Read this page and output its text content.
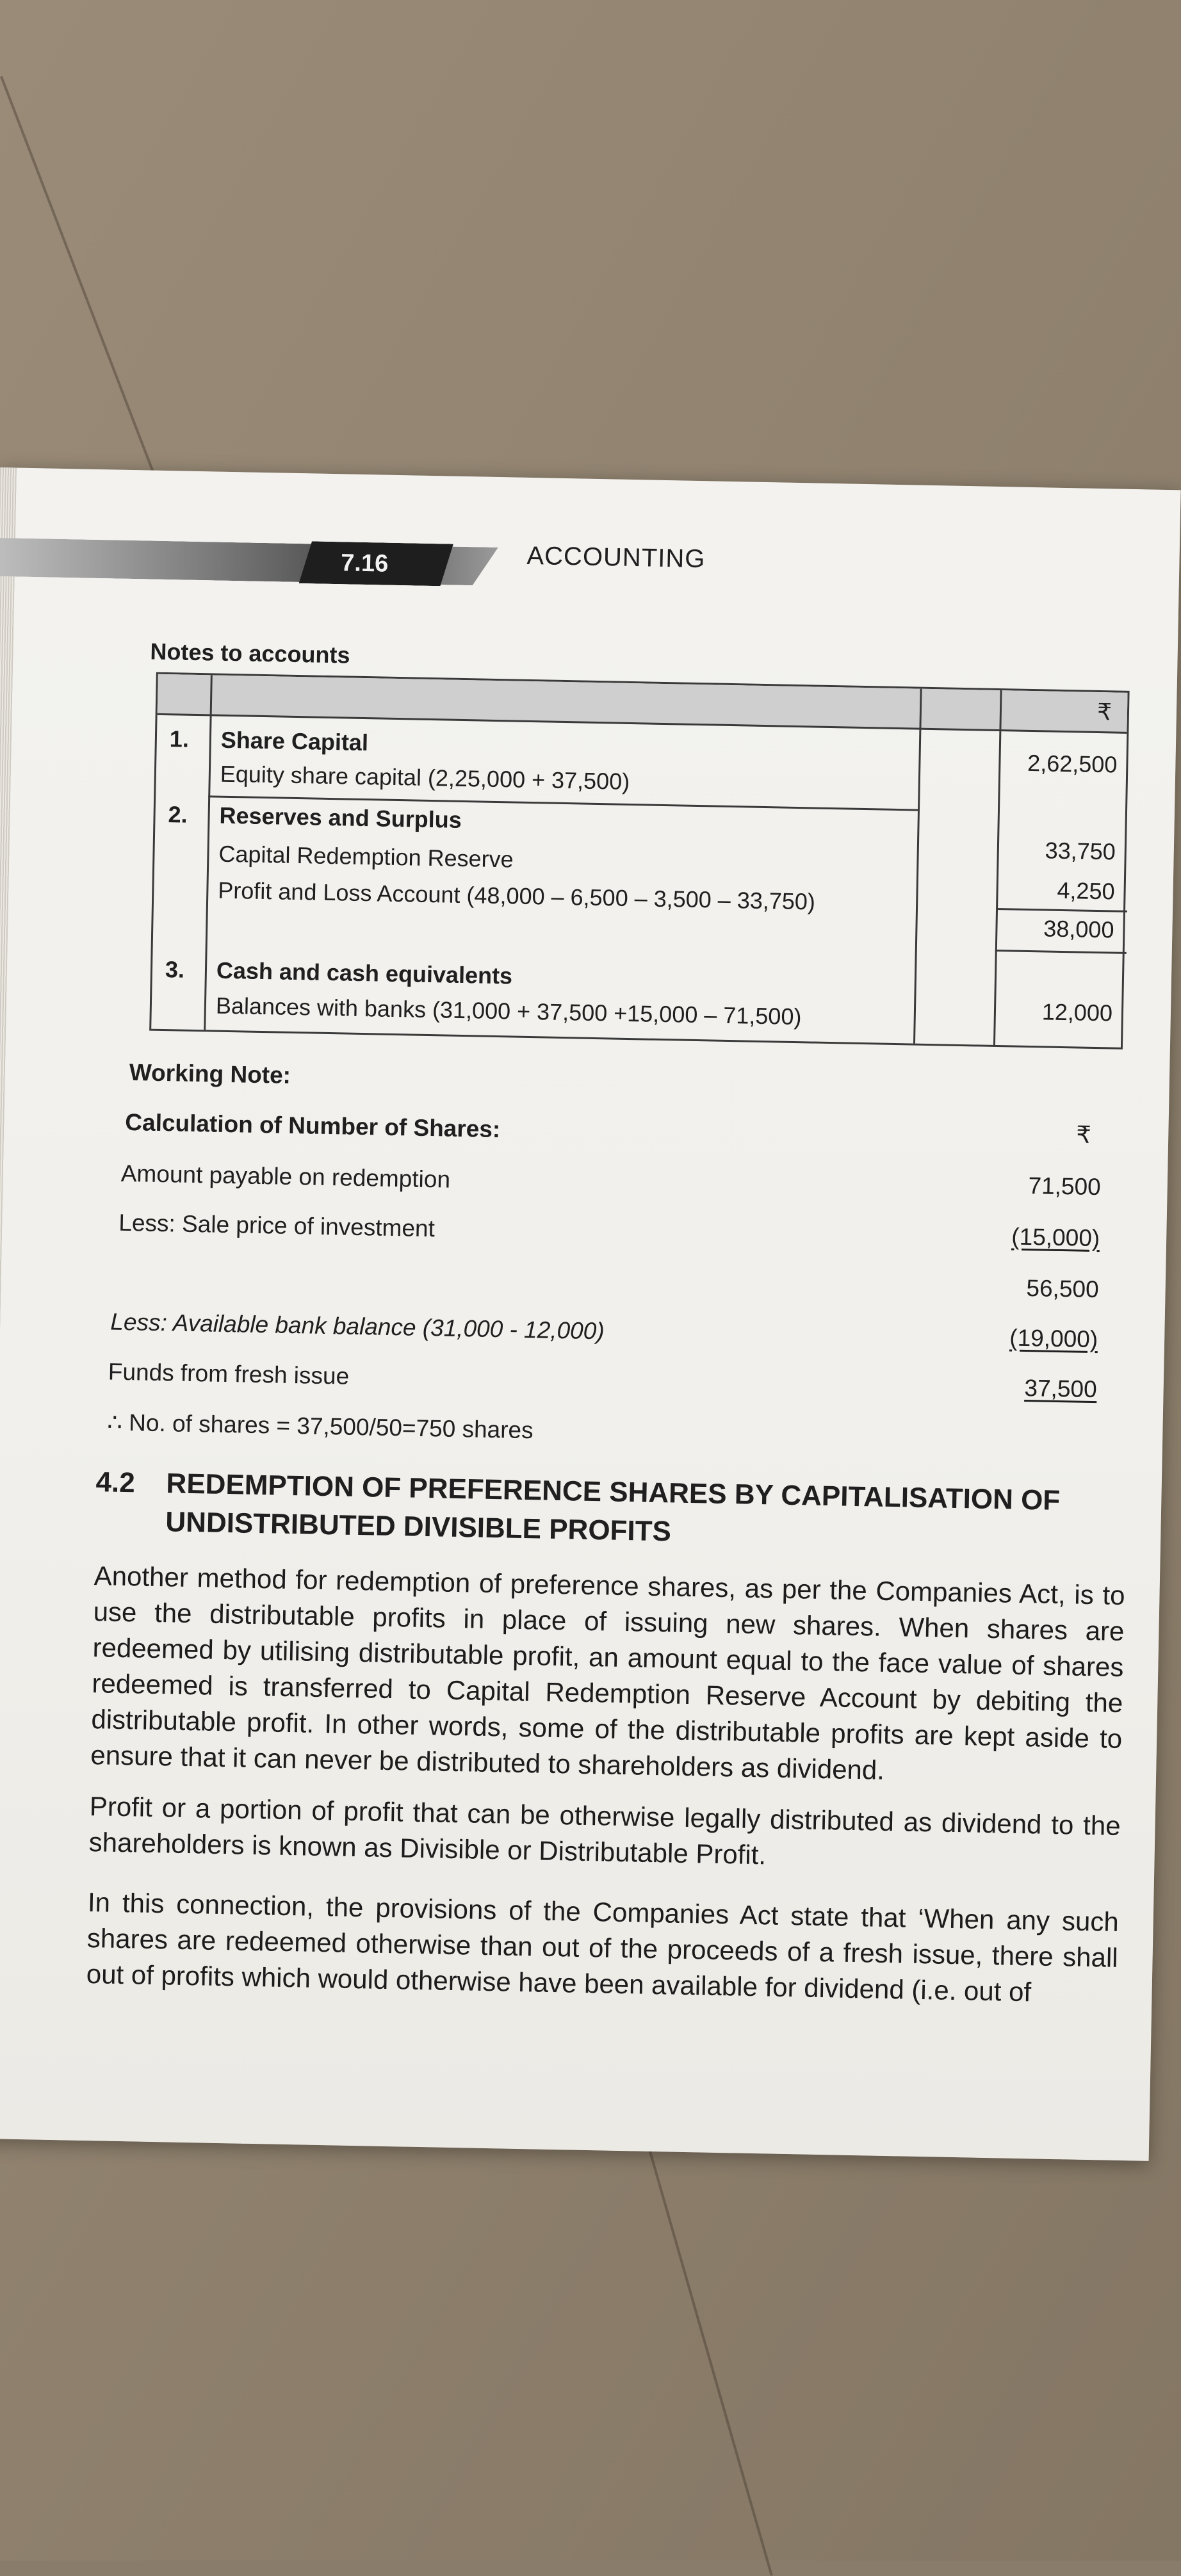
7.16	ACCOUNTING
Notes to accounts
₹
1. Share Capital
Equity share capital (2,25,000 + 37,500)	2,62,500
2. Reserves and Surplus
Capital Redemption Reserve	33,750
Profit and Loss Account (48,000 – 6,500 – 3,500 – 33,750)	4,250
38,000
3. Cash and cash equivalents
Balances with banks (31,000 + 37,500 +15,000 – 71,500)	12,000
Working Note:
Calculation of Number of Shares:	₹
Amount payable on redemption	71,500
Less: Sale price of investment	(15,000)
56,500
Less: Available bank balance (31,000 - 12,000)	(19,000)
Funds from fresh issue	37,500
∴ No. of shares = 37,500/50=750 shares
4.2 REDEMPTION OF PREFERENCE SHARES BY CAPITALISATION OF
UNDISTRIBUTED DIVISIBLE PROFITS
Another method for redemption of preference shares, as per the Companies Act, is to use the distributable profits in place of issuing new shares. When shares are redeemed by utilising distributable profit, an amount equal to the face value of shares redeemed is transferred to Capital Redemption Reserve Account by debiting the distributable profit. In other words, some of the distributable profits are kept aside to ensure that it can never be distributed to shareholders as dividend.
Profit or a portion of profit that can be otherwise legally distributed as dividend to the shareholders is known as Divisible or Distributable Profit.
In this connection, the provisions of the Companies Act state that ‘When any such shares are redeemed otherwise than out of the proceeds of a fresh issue, there shall out of profits which would otherwise have been available for dividend (i.e. out of
